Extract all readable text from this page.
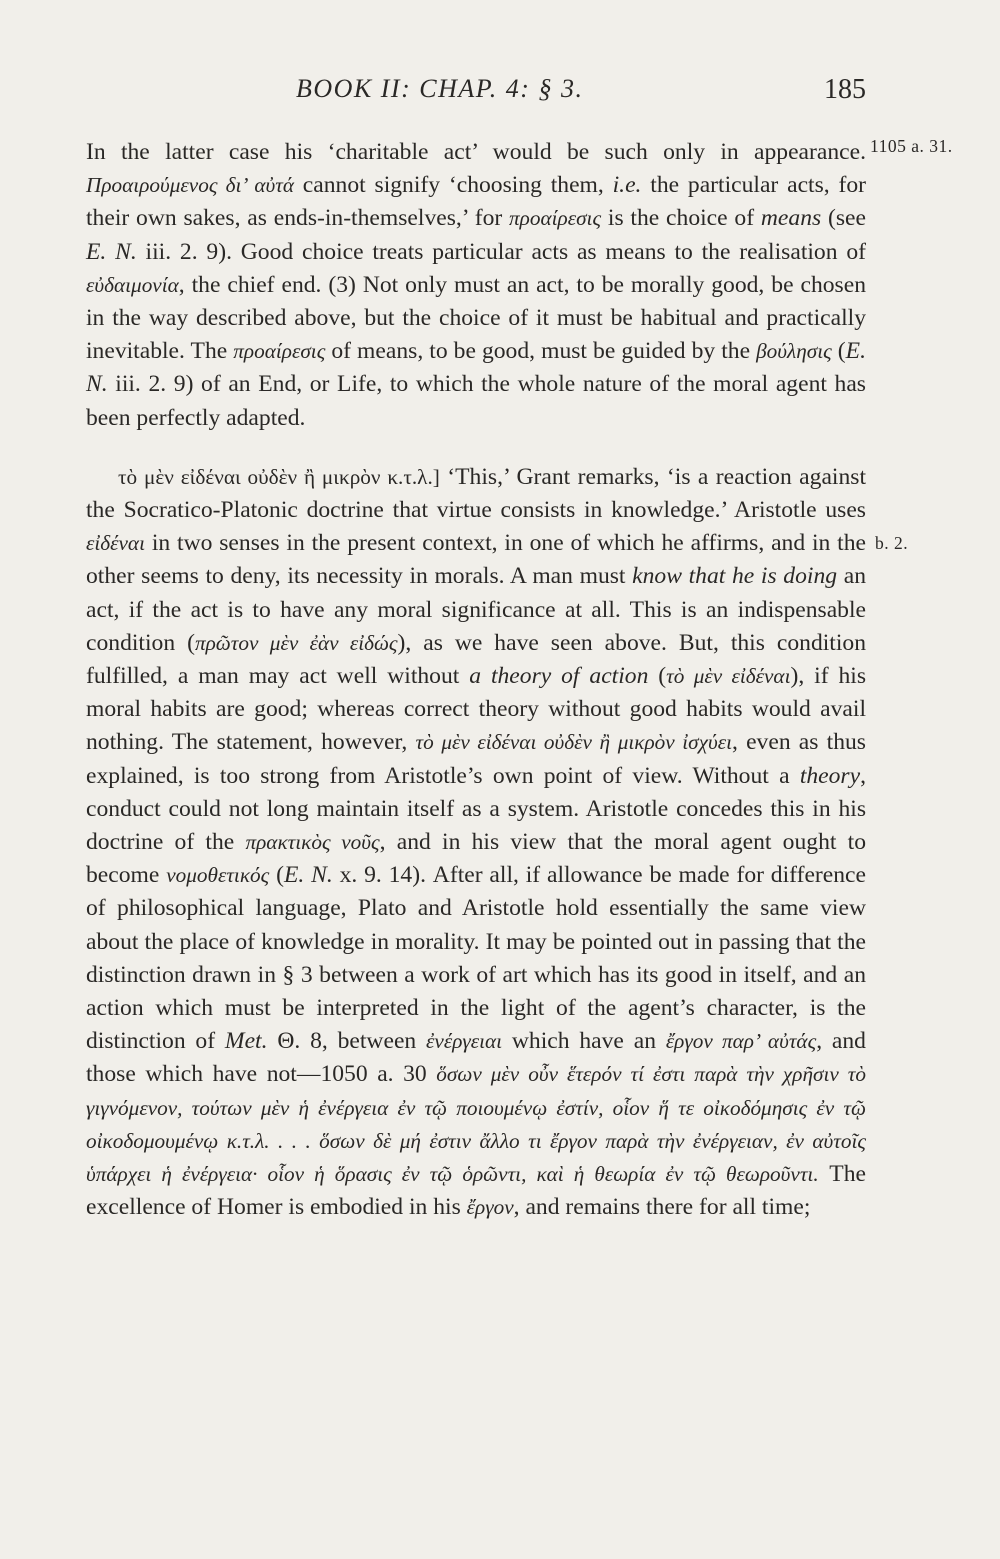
BOOK II: CHAP. 4: § 3.	185
1105 a. 31.
b. 2.

In the latter case his ‘charitable act’ would be such only in appearance. Προαιρούμενος δι’ αὐτά cannot signify ‘choosing them, i.e. the particular acts, for their own sakes, as ends-in-themselves,’ for προαίρεσις is the choice of means (see E. N. iii. 2. 9). Good choice treats particular acts as means to the realisation of εὐδαιμονία, the chief end. (3) Not only must an act, to be morally good, be chosen in the way described above, but the choice of it must be habitual and practically inevitable. The προαίρεσις of means, to be good, must be guided by the βούλησις (E. N. iii. 2. 9) of an End, or Life, to which the whole nature of the moral agent has been perfectly adapted.

τὸ μὲν εἰδέναι οὐδὲν ἢ μικρὸν κ.τ.λ.] ‘This,’ Grant remarks, ‘is a reaction against the Socratico-Platonic doctrine that virtue consists in knowledge.’ Aristotle uses εἰδέναι in two senses in the present context, in one of which he affirms, and in the other seems to deny, its necessity in morals. A man must know that he is doing an act, if the act is to have any moral significance at all. This is an indispensable condition (πρῶτον μὲν ἐὰν εἰδώς), as we have seen above. But, this condition fulfilled, a man may act well without a theory of action (τὸ μὲν εἰδέναι), if his moral habits are good; whereas correct theory without good habits would avail nothing. The statement, however, τὸ μὲν εἰδέναι οὐδὲν ἢ μικρὸν ἰσχύει, even as thus explained, is too strong from Aristotle’s own point of view. Without a theory, conduct could not long maintain itself as a system. Aristotle concedes this in his doctrine of the πρακτικὸς νοῦς, and in his view that the moral agent ought to become νομοθετικός (E. N. x. 9. 14). After all, if allowance be made for difference of philosophical language, Plato and Aristotle hold essentially the same view about the place of knowledge in morality. It may be pointed out in passing that the distinction drawn in § 3 between a work of art which has its good in itself, and an action which must be interpreted in the light of the agent’s character, is the distinction of Met. Θ. 8, between ἐνέργειαι which have an ἔργον παρ’ αὐτάς, and those which have not—1050 a. 30 ὅσων μὲν οὖν ἕτερόν τί ἐστι παρὰ τὴν χρῆσιν τὸ γιγνόμενον, τούτων μὲν ἡ ἐνέργεια ἐν τῷ ποιουμένῳ ἐστίν, οἷον ἥ τε οἰκοδόμησις ἐν τῷ οἰκοδομουμένῳ κ.τ.λ. . . . ὅσων δὲ μή ἐστιν ἄλλο τι ἔργον παρὰ τὴν ἐνέργειαν, ἐν αὐτοῖς ὑπάρχει ἡ ἐνέργεια· οἷον ἡ ὅρασις ἐν τῷ ὁρῶντι, καὶ ἡ θεωρία ἐν τῷ θεωροῦντι. The excellence of Homer is embodied in his ἔργον, and remains there for all time;
